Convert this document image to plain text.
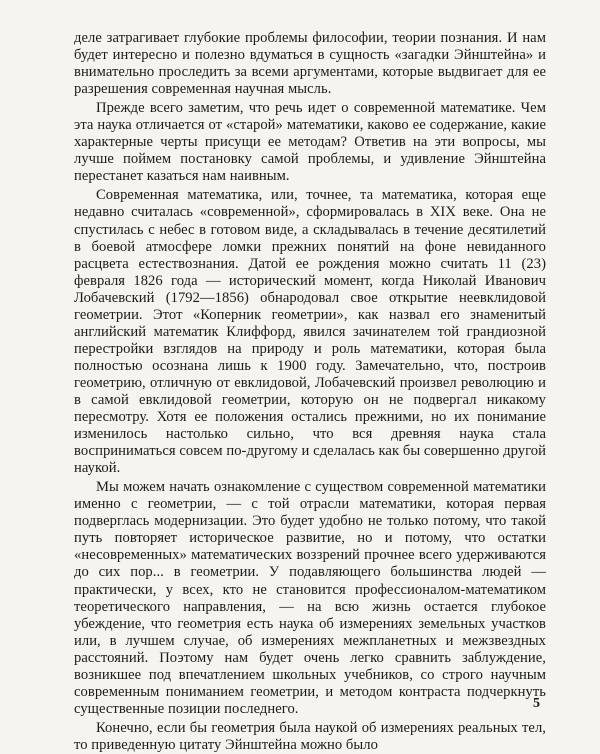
деле затрагивает глубокие проблемы философии, теории познания. И нам будет интересно и полезно вдуматься в сущность «загадки Эйнштейна» и внимательно проследить за всеми аргументами, которые выдвигает для ее разрешения современная научная мысль.

Прежде всего заметим, что речь идет о современной математике. Чем эта наука отличается от «старой» математики, каково ее содержание, какие характерные черты присущи ее методам? Ответив на эти вопросы, мы лучше поймем постановку самой проблемы, и удивление Эйнштейна перестанет казаться нам наивным.

Современная математика, или, точнее, та математика, которая еще недавно считалась «современной», сформировалась в XIX веке. Она не спустилась с небес в готовом виде, а складывалась в течение десятилетий в боевой атмосфере ломки прежних понятий на фоне невиданного расцвета естествознания. Датой ее рождения можно считать 11 (23) февраля 1826 года — исторический момент, когда Николай Иванович Лобачевский (1792—1856) обнародовал свое открытие неевклидовой геометрии. Этот «Коперник геометрии», как назвал его знаменитый английский математик Клиффорд, явился зачинателем той грандиозной перестройки взглядов на природу и роль математики, которая была полностью осознана лишь к 1900 году. Замечательно, что, построив геометрию, отличную от евклидовой, Лобачевский произвел революцию и в самой евклидовой геометрии, которую он не подвергал никакому пересмотру. Хотя ее положения остались прежними, но их понимание изменилось настолько сильно, что вся древняя наука стала восприниматься совсем по-другому и сделалась как бы совершенно другой наукой.

Мы можем начать ознакомление с существом современной математики именно с геометрии, — с той отрасли математики, которая первая подверглась модернизации. Это будет удобно не только потому, что такой путь повторяет историческое развитие, но и потому, что остатки «несовременных» математических воззрений прочнее всего удерживаются до сих пор... в геометрии. У подавляющего большинства людей — практически, у всех, кто не становится профессионалом-математиком теоретического направления, — на всю жизнь остается глубокое убеждение, что геометрия есть наука об измерениях земельных участков или, в лучшем случае, об измерениях межпланетных и межзвездных расстояний. Поэтому нам будет очень легко сравнить заблуждение, возникшее под впечатлением школьных учебников, со строго научным современным пониманием геометрии, и методом контраста подчеркнуть существенные позиции последнего.

Конечно, если бы геометрия была наукой об измерениях реальных тел, то приведенную цитату Эйнштейна можно было

5
